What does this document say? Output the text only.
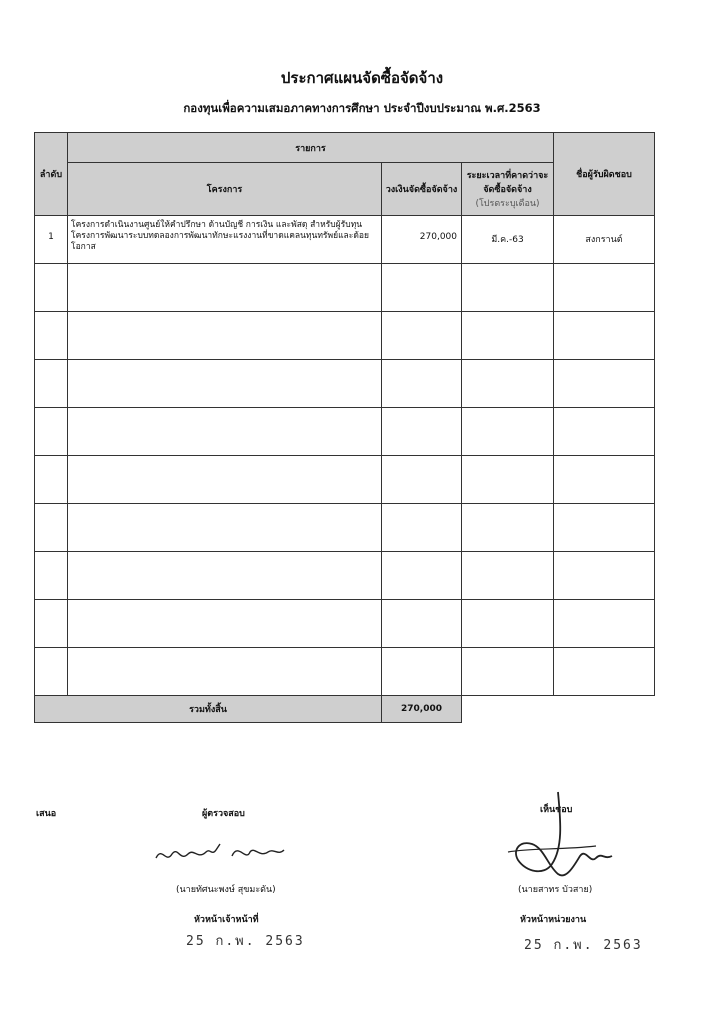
ประกาศแผนจัดซื้อจัดจ้าง
กองทุนเพื่อความเสมอภาคทางการศึกษา ประจำปีงบประมาณ พ.ศ.2563
ลำดับ	รายการ			ชื่อผู้รับผิดชอบ
	โครงการ	วงเงินจัดซื้อจัดจ้าง	ระยะเวลาที่คาดว่าจะจัดซื้อจัดจ้าง
(โปรดระบุเดือน)	

1	โครงการดำเนินงานศูนย์ให้คำปรึกษา ด้านบัญชี การเงิน และพัสดุ สำหรับผู้รับทุนโครงการพัฒนาระบบทดลองการพัฒนาทักษะแรงงานที่ขาดแคลนทุนทรัพย์และด้อยโอกาส	270,000	มี.ค.-63	สงกรานต์

รวมทั้งสิ้น		270,000		
เสนอ	ผู้ตรวจสอบ
(นายทัศนะพงษ์ สุขมะดัน)
หัวหน้าเจ้าหน้าที่
25 ก.พ. 2563
เห็นชอบ
(นายสาทร บัวสาย)
หัวหน้าหน่วยงาน
25 ก.พ. 2563
